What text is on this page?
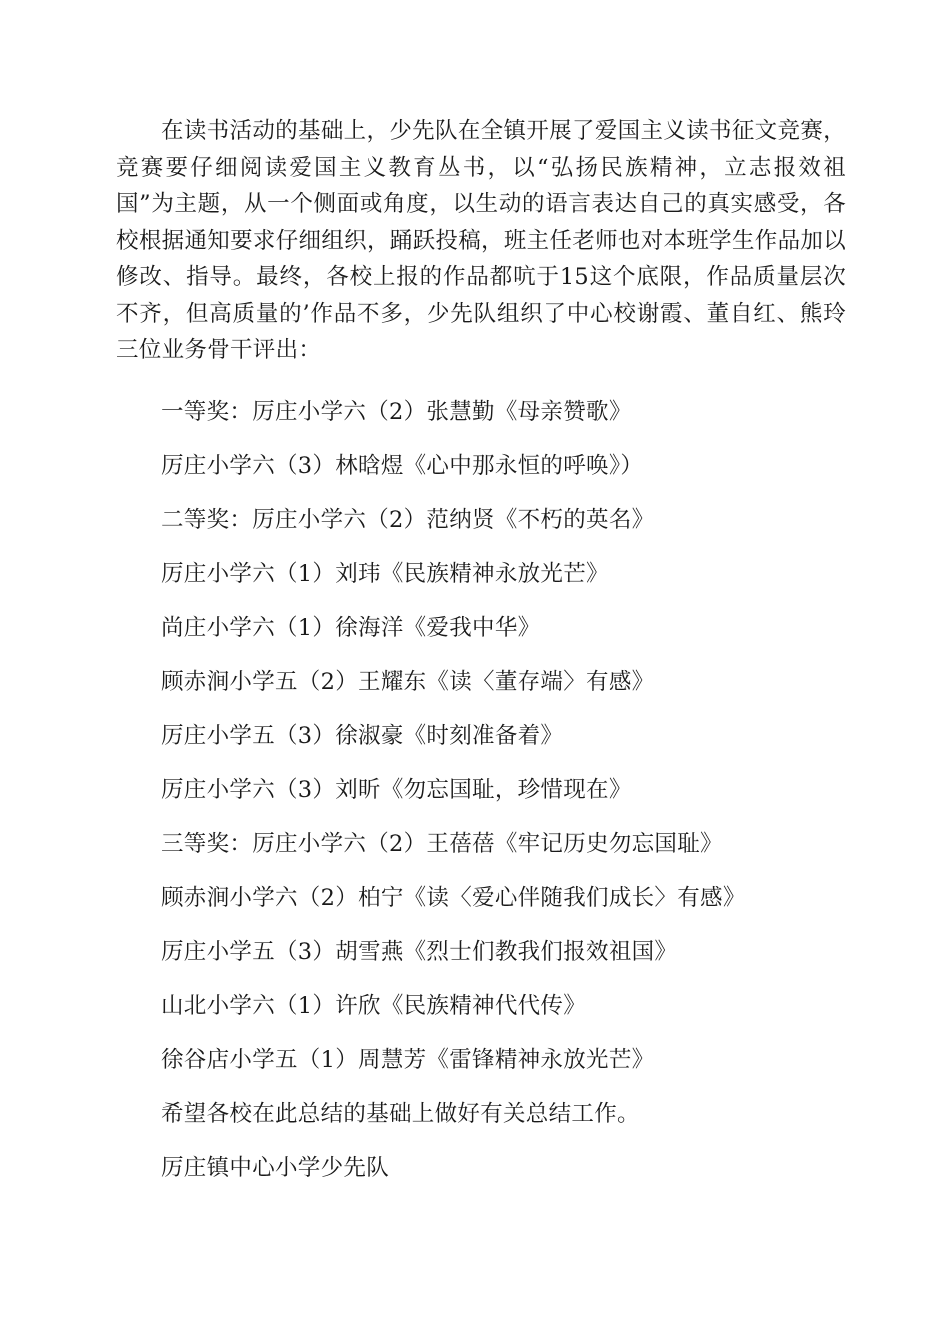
在读书活动的基础上，少先队在全镇开展了爱国主义读书征文竞赛，竞赛要仔细阅读爱国主义教育丛书，以“弘扬民族精神，立志报效祖国”为主题，从一个侧面或角度，以生动的语言表达自己的真实感受，各校根据通知要求仔细组织，踊跃投稿，班主任老师也对本班学生作品加以修改、指导。最终，各校上报的作品都吭于15这个底限，作品质量层次不齐，但高质量的’作品不多，少先队组织了中心校谢霞、董自红、熊玲三位业务骨干评出：

一等奖：厉庄小学六（2）张慧勤《母亲赞歌》
厉庄小学六（3）林晗煜《心中那永恒的呼唤》）
二等奖：厉庄小学六（2）范纳贤《不朽的英名》
厉庄小学六（1）刘玮《民族精神永放光芒》
尚庄小学六（1）徐海洋《爱我中华》
顾赤涧小学五（2）王耀东《读〈董存端〉有感》
厉庄小学五（3）徐淑豪《时刻准备着》
厉庄小学六（3）刘昕《勿忘国耻，珍惜现在》
三等奖：厉庄小学六（2）王蓓蓓《牢记历史勿忘国耻》
顾赤涧小学六（2）柏宁《读〈爱心伴随我们成长〉有感》
厉庄小学五（3）胡雪燕《烈士们教我们报效祖国》
山北小学六（1）许欣《民族精神代代传》
徐谷店小学五（1）周慧芳《雷锋精神永放光芒》
希望各校在此总结的基础上做好有关总结工作。
厉庄镇中心小学少先队
